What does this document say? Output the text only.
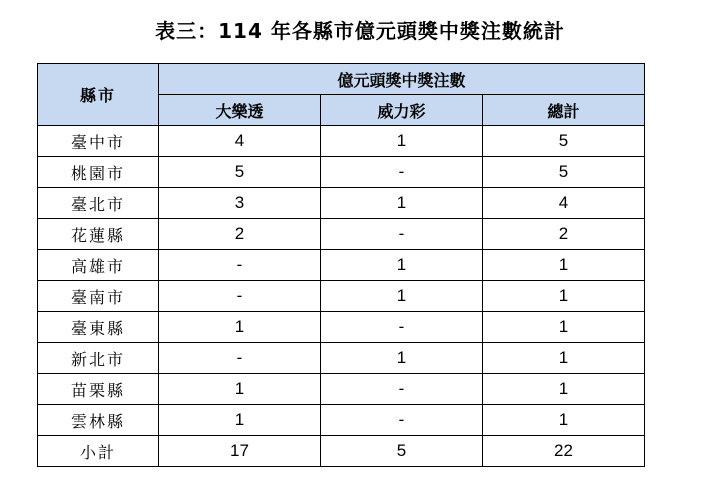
表三：114 年各縣市億元頭獎中獎注數統計
縣市	億元頭獎中獎注數		
	大樂透	威力彩	總計
臺中市	4	1	5
桃園市	5	-	5
臺北市	3	1	4
花蓮縣	2	-	2
高雄市	-	1	1
臺南市	-	1	1
臺東縣	1	-	1
新北市	-	1	1
苗栗縣	1	-	1
雲林縣	1	-	1
小計	17	5	22
